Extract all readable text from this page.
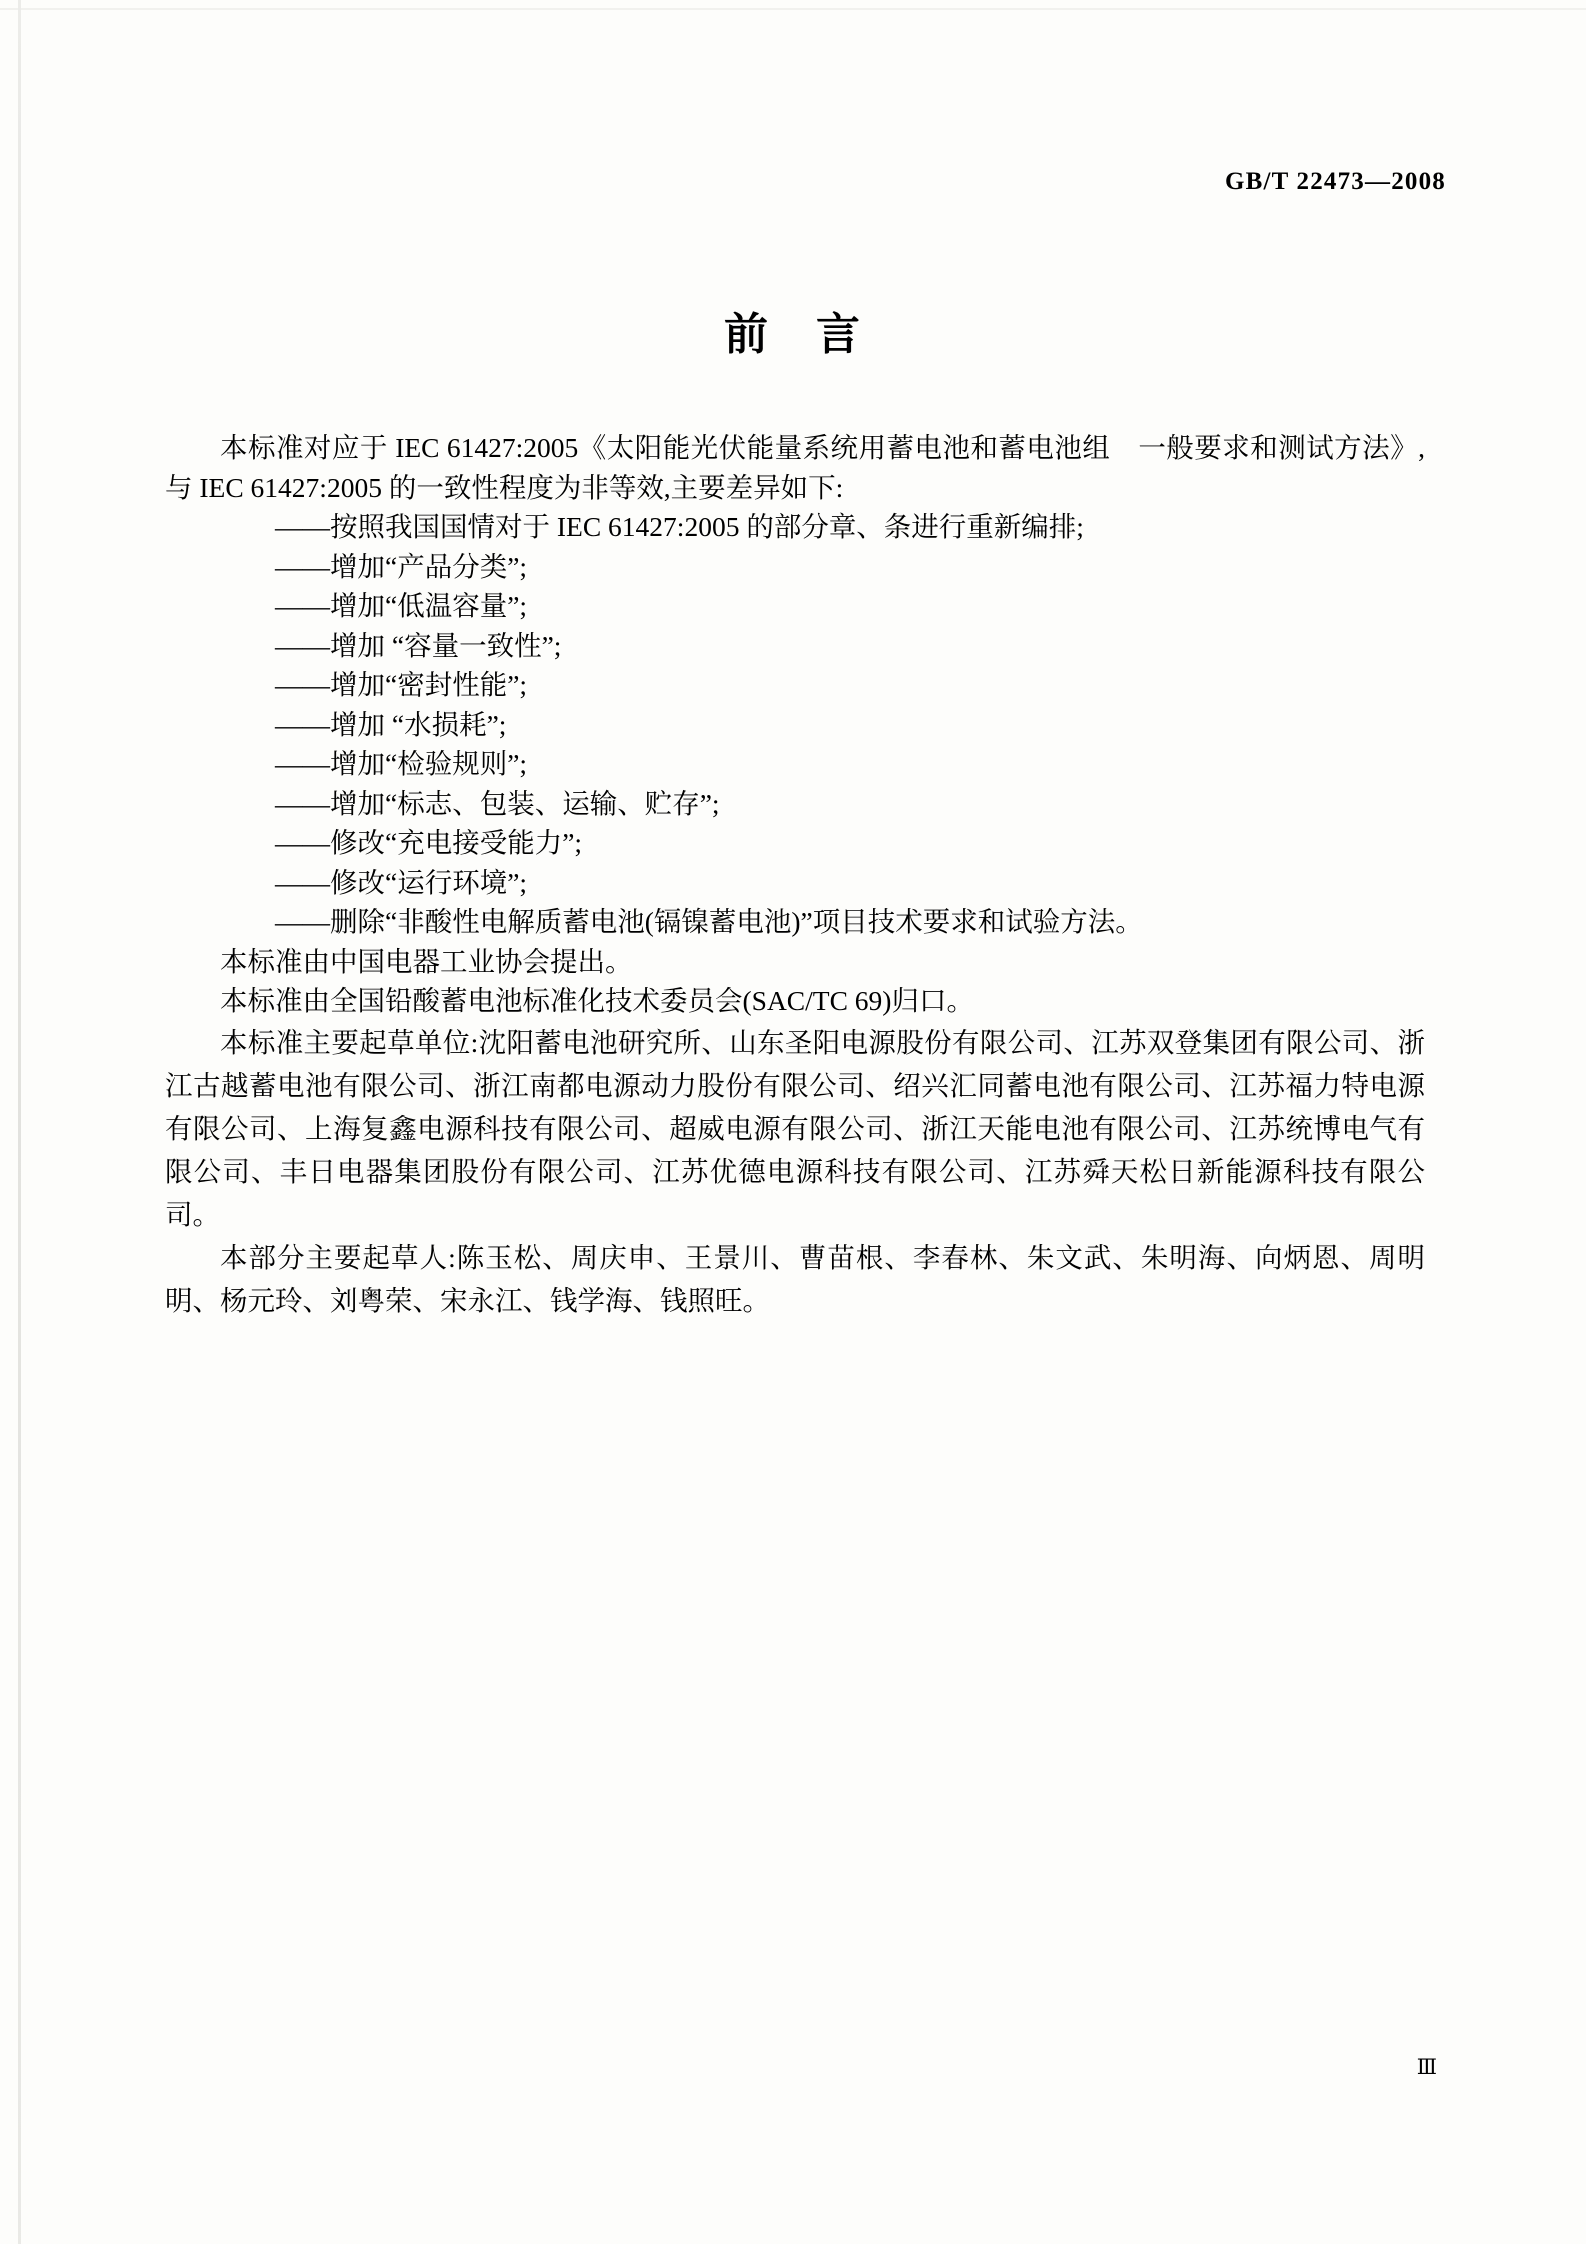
GB/T 22473—2008
前 言

本标准对应于 IEC 61427:2005《太阳能光伏能量系统用蓄电池和蓄电池组　一般要求和测试方法》,与 IEC 61427:2005 的一致性程度为非等效,主要差异如下:

——按照我国国情对于 IEC 61427:2005 的部分章、条进行重新编排;

——增加“产品分类”;

——增加“低温容量”;

——增加 “容量一致性”;

——增加“密封性能”;

——增加 “水损耗”;

——增加“检验规则”;

——增加“标志、包装、运输、贮存”;

——修改“充电接受能力”;

——修改“运行环境”;

——删除“非酸性电解质蓄电池(镉镍蓄电池)”项目技术要求和试验方法。

本标准由中国电器工业协会提出。

本标准由全国铅酸蓄电池标准化技术委员会(SAC/TC 69)归口。

本标准主要起草单位:沈阳蓄电池研究所、山东圣阳电源股份有限公司、江苏双登集团有限公司、浙江古越蓄电池有限公司、浙江南都电源动力股份有限公司、绍兴汇同蓄电池有限公司、江苏福力特电源有限公司、上海复鑫电源科技有限公司、超威电源有限公司、浙江天能电池有限公司、江苏统博电气有限公司、丰日电器集团股份有限公司、江苏优德电源科技有限公司、江苏舜天松日新能源科技有限公司。

本部分主要起草人:陈玉松、周庆申、王景川、曹苗根、李春林、朱文武、朱明海、向炳恩、周明明、杨元玲、刘粤荣、宋永江、钱学海、钱照旺。

Ⅲ
